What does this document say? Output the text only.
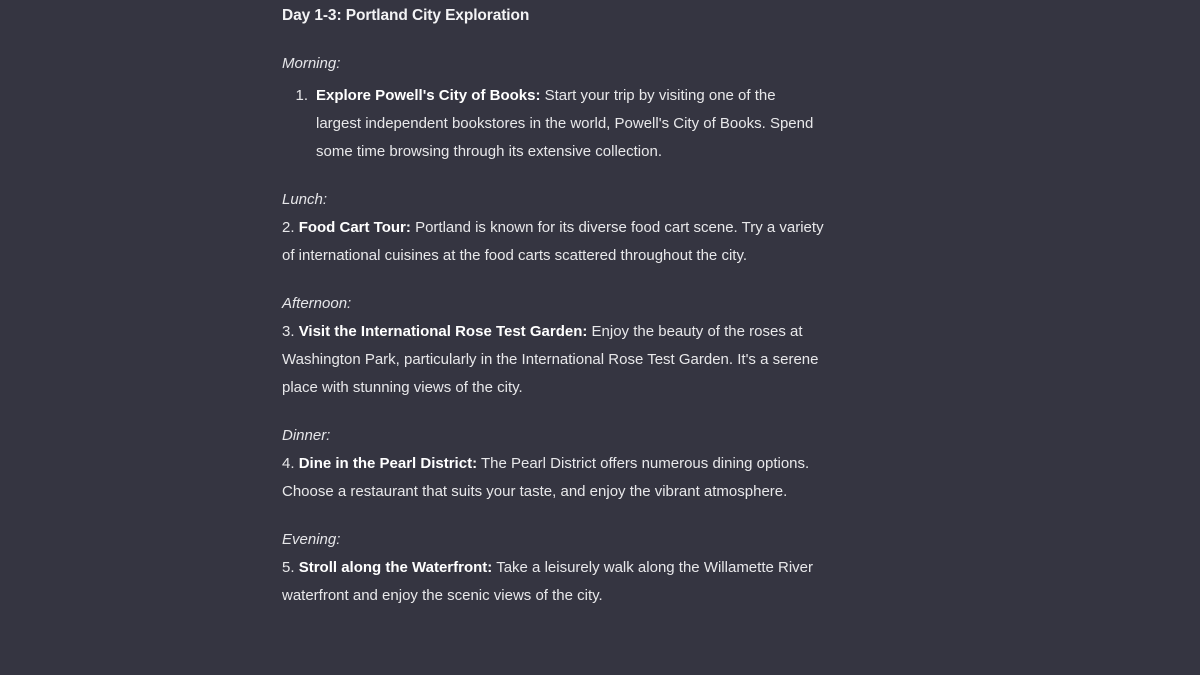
Day 1-3: Portland City Exploration
Morning:
1. Explore Powell's City of Books: Start your trip by visiting one of the largest independent bookstores in the world, Powell's City of Books. Spend some time browsing through its extensive collection.
Lunch:
2. Food Cart Tour: Portland is known for its diverse food cart scene. Try a variety of international cuisines at the food carts scattered throughout the city.
Afternoon:
3. Visit the International Rose Test Garden: Enjoy the beauty of the roses at Washington Park, particularly in the International Rose Test Garden. It's a serene place with stunning views of the city.
Dinner:
4. Dine in the Pearl District: The Pearl District offers numerous dining options. Choose a restaurant that suits your taste, and enjoy the vibrant atmosphere.
Evening:
5. Stroll along the Waterfront: Take a leisurely walk along the Willamette River waterfront and enjoy the scenic views of the city.
